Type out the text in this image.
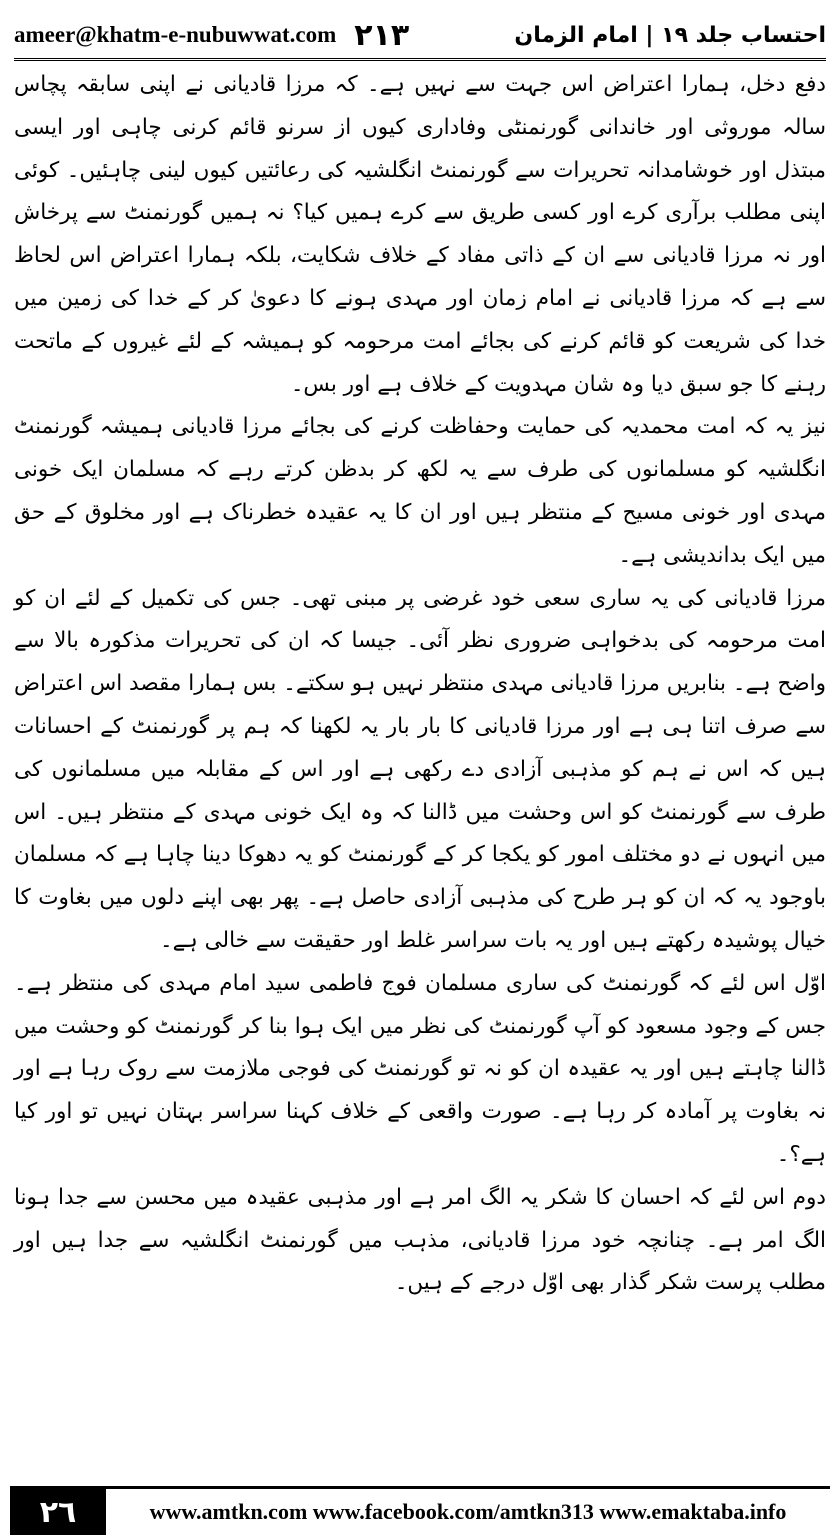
ameer@khatm-e-nubuwwat.com ٢١٣	احتساب جلد ۱۹ | امام الزمان

دفع دخل، ہمارا اعتراض اس جہت سے نہیں ہے۔ کہ مرزا قادیانی نے اپنی سابقہ پچاس سالہ موروثی اور خاندانی گورنمنٹی وفاداری کیوں از سرنو قائم کرنی چاہی اور ایسی مبتذل اور خوشامدانہ تحریرات سے گورنمنٹ انگلشیہ کی رعائتیں کیوں لینی چاہئیں۔ کوئی اپنی مطلب برآری کرے اور کسی طریق سے کرے ہمیں کیا؟ نہ ہمیں گورنمنٹ سے پرخاش اور نہ مرزا قادیانی سے ان کے ذاتی مفاد کے خلاف شکایت، بلکہ ہمارا اعتراض اس لحاظ سے ہے کہ مرزا قادیانی نے امام زمان اور مہدی ہونے کا دعویٰ کر کے خدا کی زمین میں خدا کی شریعت کو قائم کرنے کی بجائے امت مرحومہ کو ہمیشہ کے لئے غیروں کے ماتحت رہنے کا جو سبق دیا وہ شان مہدویت کے خلاف ہے اور بس۔

نیز یہ کہ امت محمدیہ کی حمایت وحفاظت کرنے کی بجائے مرزا قادیانی ہمیشہ گورنمنٹ انگلشیہ کو مسلمانوں کی طرف سے یہ لکھ کر بدظن کرتے رہے کہ مسلمان ایک خونی مہدی اور خونی مسیح کے منتظر ہیں اور ان کا یہ عقیدہ خطرناک ہے اور مخلوق کے حق میں ایک بداندیشی ہے۔

مرزا قادیانی کی یہ ساری سعی خود غرضی پر مبنی تھی۔ جس کی تکمیل کے لئے ان کو امت مرحومہ کی بدخواہی ضروری نظر آئی۔ جیسا کہ ان کی تحریرات مذکورہ بالا سے واضح ہے۔ بنابریں مرزا قادیانی مہدی منتظر نہیں ہو سکتے۔ بس ہمارا مقصد اس اعتراض سے صرف اتنا ہی ہے اور مرزا قادیانی کا بار بار یہ لکھنا کہ ہم پر گورنمنٹ کے احسانات ہیں کہ اس نے ہم کو مذہبی آزادی دے رکھی ہے اور اس کے مقابلہ میں مسلمانوں کی طرف سے گورنمنٹ کو اس وحشت میں ڈالنا کہ وہ ایک خونی مہدی کے منتظر ہیں۔ اس میں انہوں نے دو مختلف امور کو یکجا کر کے گورنمنٹ کو یہ دھوکا دینا چاہا ہے کہ مسلمان باوجود یہ کہ ان کو ہر طرح کی مذہبی آزادی حاصل ہے۔ پھر بھی اپنے دلوں میں بغاوت کا خیال پوشیدہ رکھتے ہیں اور یہ بات سراسر غلط اور حقیقت سے خالی ہے۔

اوّل اس لئے کہ گورنمنٹ کی ساری مسلمان فوج فاطمی سید امام مہدی کی منتظر ہے۔ جس کے وجود مسعود کو آپ گورنمنٹ کی نظر میں ایک ہوا بنا کر گورنمنٹ کو وحشت میں ڈالنا چاہتے ہیں اور یہ عقیدہ ان کو نہ تو گورنمنٹ کی فوجی ملازمت سے روک رہا ہے اور نہ بغاوت پر آمادہ کر رہا ہے۔ صورت واقعی کے خلاف کہنا سراسر بہتان نہیں تو اور کیا ہے؟۔

دوم اس لئے کہ احسان کا شکر یہ الگ امر ہے اور مذہبی عقیدہ میں محسن سے جدا ہونا الگ امر ہے۔ چنانچہ خود مرزا قادیانی، مذہب میں گورنمنٹ انگلشیہ سے جدا ہیں اور مطلب پرست شکر گذار بھی اوّل درجے کے ہیں۔

٢٦	www.amtkn.com www.facebook.com/amtkn313 www.emaktaba.info
